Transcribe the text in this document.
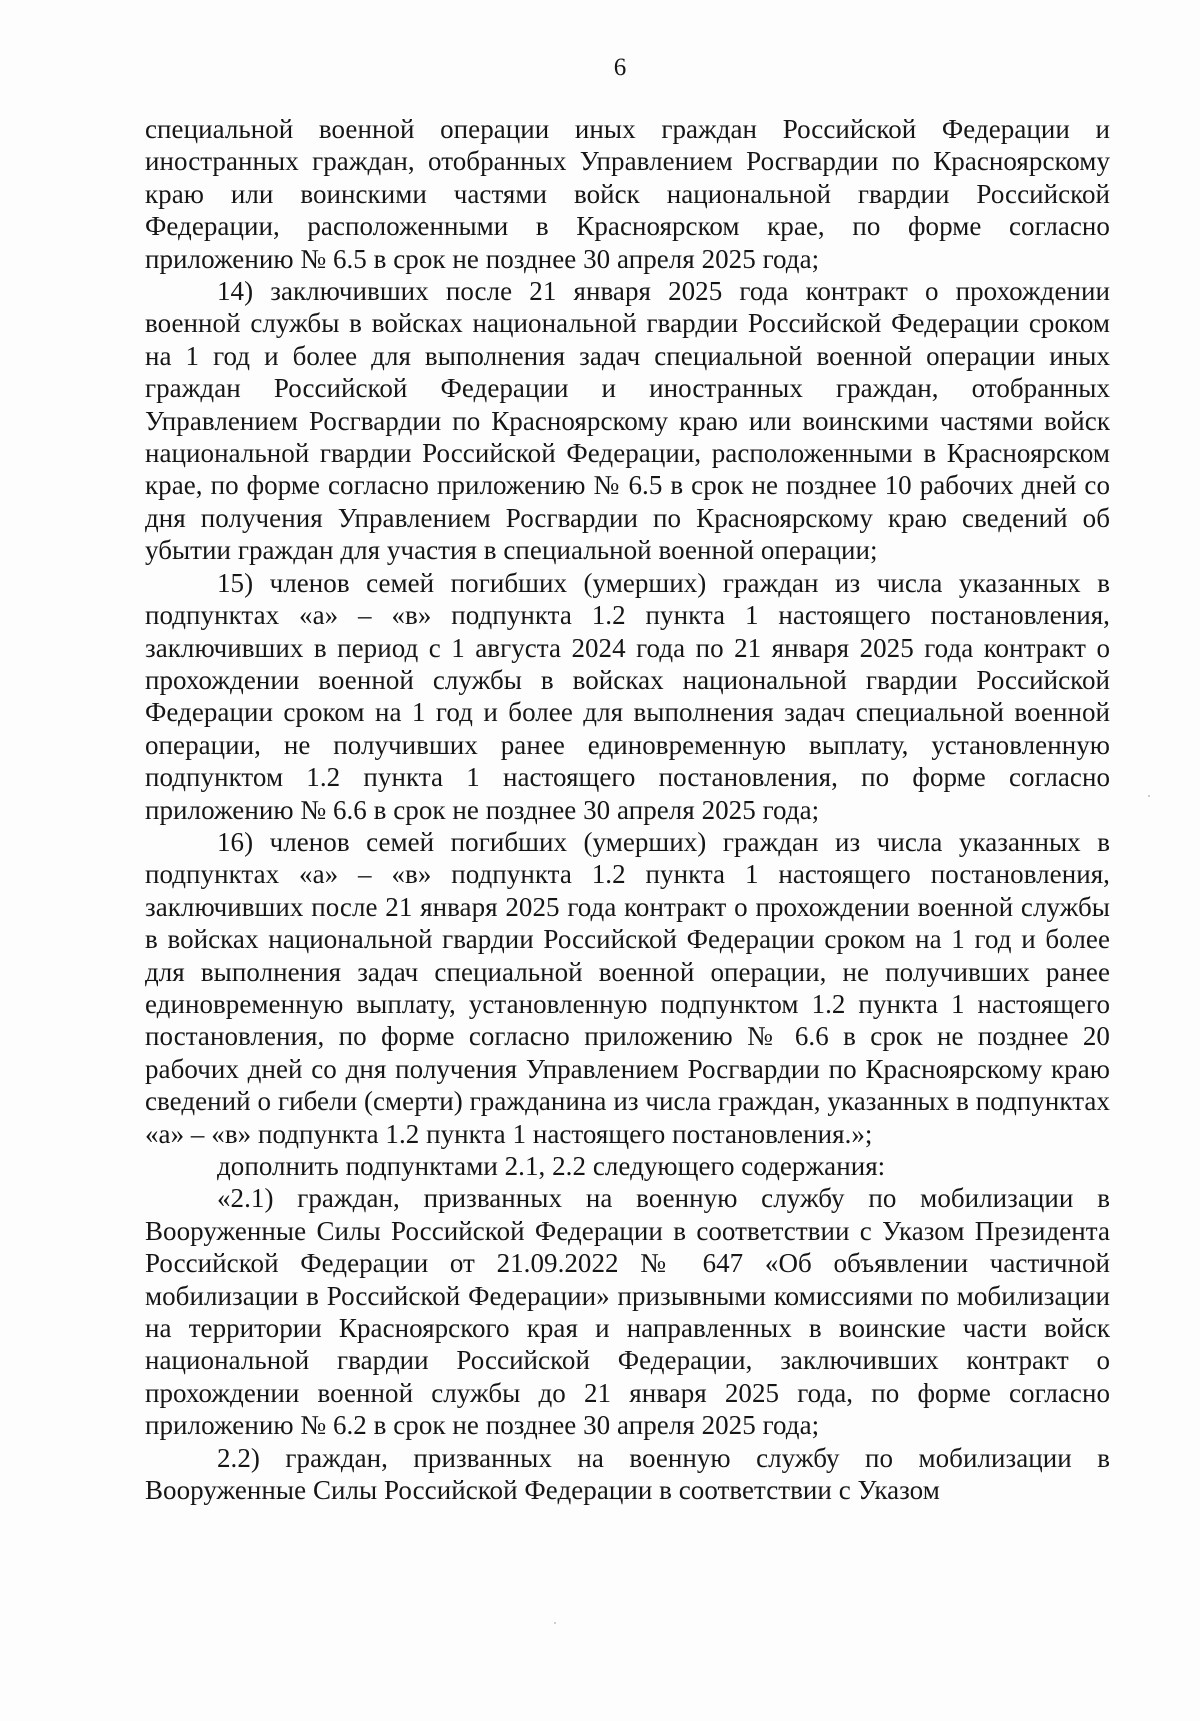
6

специальной военной операции иных граждан Российской Федерации и иностранных граждан, отобранных Управлением Росгвардии по Красноярскому краю или воинскими частями войск национальной гвардии Российской Федерации, расположенными в Красноярском крае, по форме согласно приложению № 6.5 в срок не позднее 30 апреля 2025 года;

14) заключивших после 21 января 2025 года контракт о прохождении военной службы в войсках национальной гвардии Российской Федерации сроком на 1 год и более для выполнения задач специальной военной операции иных граждан Российской Федерации и иностранных граждан, отобранных Управлением Росгвардии по Красноярскому краю или воинскими частями войск национальной гвардии Российской Федерации, расположенными в Красноярском крае, по форме согласно приложению № 6.5 в срок не позднее 10 рабочих дней со дня получения Управлением Росгвардии по Красноярскому краю сведений об убытии граждан для участия в специальной военной операции;

15) членов семей погибших (умерших) граждан из числа указанных в подпунктах «а» – «в» подпункта 1.2 пункта 1 настоящего постановления, заключивших в период с 1 августа 2024 года по 21 января 2025 года контракт о прохождении военной службы в войсках национальной гвардии Российской Федерации сроком на 1 год и более для выполнения задач специальной военной операции, не получивших ранее единовременную выплату, установленную подпунктом 1.2 пункта 1 настоящего постановления, по форме согласно приложению № 6.6 в срок не позднее 30 апреля 2025 года;

16) членов семей погибших (умерших) граждан из числа указанных в подпунктах «а» – «в» подпункта 1.2 пункта 1 настоящего постановления, заключивших после 21 января 2025 года контракт о прохождении военной службы в войсках национальной гвардии Российской Федерации сроком на 1 год и более для выполнения задач специальной военной операции, не получивших ранее единовременную выплату, установленную подпунктом 1.2 пункта 1 настоящего постановления, по форме согласно приложению № 6.6 в срок не позднее 20 рабочих дней со дня получения Управлением Росгвардии по Красноярскому краю сведений о гибели (смерти) гражданина из числа граждан, указанных в подпунктах «а» – «в» подпункта 1.2 пункта 1 настоящего постановления.»;

дополнить подпунктами 2.1, 2.2 следующего содержания:

«2.1) граждан, призванных на военную службу по мобилизации в Вооруженные Силы Российской Федерации в соответствии с Указом Президента Российской Федерации от 21.09.2022 № 647 «Об объявлении частичной мобилизации в Российской Федерации» призывными комиссиями по мобилизации на территории Красноярского края и направленных в воинские части войск национальной гвардии Российской Федерации, заключивших контракт о прохождении военной службы до 21 января 2025 года, по форме согласно приложению № 6.2 в срок не позднее 30 апреля 2025 года;

2.2) граждан, призванных на военную службу по мобилизации в Вооруженные Силы Российской Федерации в соответствии с Указом
